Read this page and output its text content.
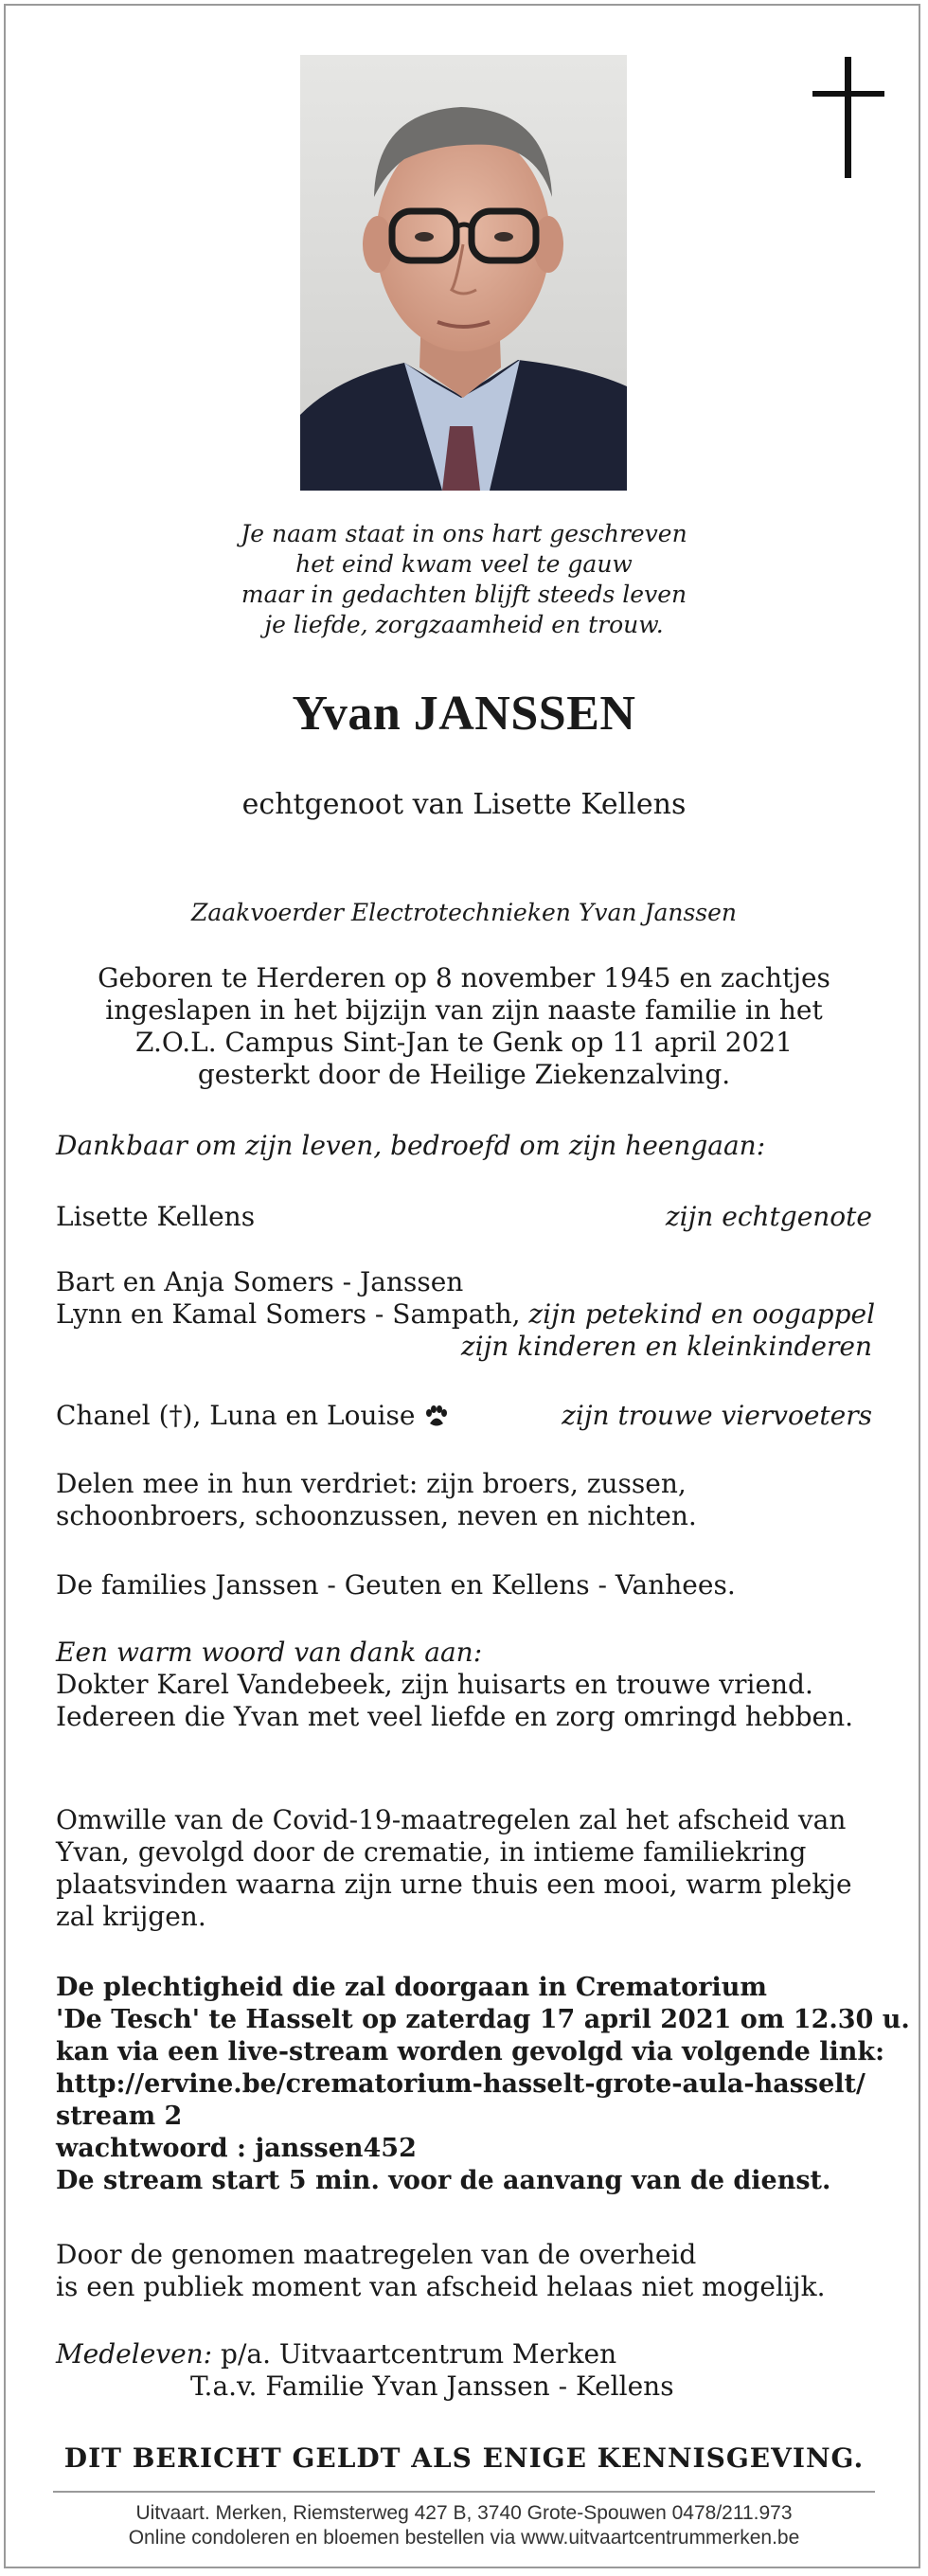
Je naam staat in ons hart geschreven
het eind kwam veel te gauw
maar in gedachten blijft steeds leven
je liefde, zorgzaamheid en trouw.
Yvan JANSSEN
echtgenoot van Lisette Kellens
Zaakvoerder Electrotechnieken Yvan Janssen
Geboren te Herderen op 8 november 1945 en zachtjes
ingeslapen in het bijzijn van zijn naaste familie in het
Z.O.L. Campus Sint-Jan te Genk op 11 april 2021
gesterkt door de Heilige Ziekenzalving.
Dankbaar om zijn leven, bedroefd om zijn heengaan:
Lisette Kellens	zijn echtgenote
Bart en Anja Somers - Janssen
Lynn en Kamal Somers - Sampath, zijn petekind en oogappel
zijn kinderen en kleinkinderen
Chanel (†), Luna en Louise	zijn trouwe viervoeters
Delen mee in hun verdriet: zijn broers, zussen,
schoonbroers, schoonzussen, neven en nichten.
De families Janssen - Geuten en Kellens - Vanhees.
Een warm woord van dank aan:
Dokter Karel Vandebeek, zijn huisarts en trouwe vriend.
Iedereen die Yvan met veel liefde en zorg omringd hebben.
Omwille van de Covid-19-maatregelen zal het afscheid van
Yvan, gevolgd door de crematie, in intieme familiekring
plaatsvinden waarna zijn urne thuis een mooi, warm plekje
zal krijgen.
De plechtigheid die zal doorgaan in Crematorium
'De Tesch' te Hasselt op zaterdag 17 april 2021 om 12.30 u.
kan via een live-stream worden gevolgd via volgende link:
http://ervine.be/crematorium-hasselt-grote-aula-hasselt/
stream 2
wachtwoord : janssen452
De stream start 5 min. voor de aanvang van de dienst.
Door de genomen maatregelen van de overheid
is een publiek moment van afscheid helaas niet mogelijk.
Medeleven: p/a. Uitvaartcentrum Merken
T.a.v. Familie Yvan Janssen - Kellens
DIT BERICHT GELDT ALS ENIGE KENNISGEVING.
Uitvaart. Merken, Riemsterweg 427 B, 3740 Grote-Spouwen 0478/211.973
Online condoleren en bloemen bestellen via www.uitvaartcentrummerken.be
